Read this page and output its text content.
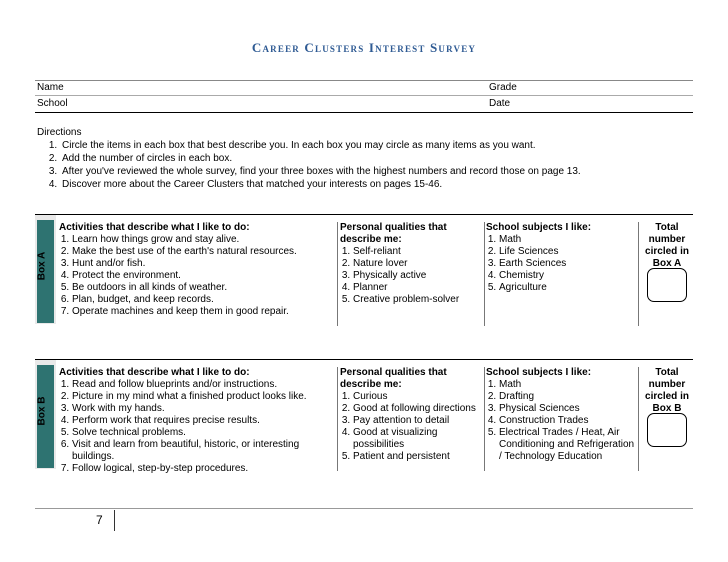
Career Clusters Interest Survey
Name	Grade
School	Date
Directions
1. Circle the items in each box that best describe you. In each box you may circle as many items as you want.
2. Add the number of circles in each box.
3. After you've reviewed the whole survey, find your three boxes with the highest numbers and record those on page 13.
4. Discover more about the Career Clusters that matched your interests on pages 15-46.
Box A
Activities that describe what I like to do:
1. Learn how things grow and stay alive.
2. Make the best use of the earth's natural resources.
3. Hunt and/or fish.
4. Protect the environment.
5. Be outdoors in all kinds of weather.
6. Plan, budget, and keep records.
7. Operate machines and keep them in good repair.
Personal qualities that describe me:
1. Self-reliant
2. Nature lover
3. Physically active
4. Planner
5. Creative problem-solver
School subjects I like:
1. Math
2. Life Sciences
3. Earth Sciences
4. Chemistry
5. Agriculture
Total number circled in Box A
Box B
Activities that describe what I like to do:
1. Read and follow blueprints and/or instructions.
2. Picture in my mind what a finished product looks like.
3. Work with my hands.
4. Perform work that requires precise results.
5. Solve technical problems.
6. Visit and learn from beautiful, historic, or interesting buildings.
7. Follow logical, step-by-step procedures.
Personal qualities that describe me:
1. Curious
2. Good at following directions
3. Pay attention to detail
4. Good at visualizing possibilities
5. Patient and persistent
School subjects I like:
1. Math
2. Drafting
3. Physical Sciences
4. Construction Trades
5. Electrical Trades / Heat, Air Conditioning and Refrigeration / Technology Education
Total number circled in Box B
7
